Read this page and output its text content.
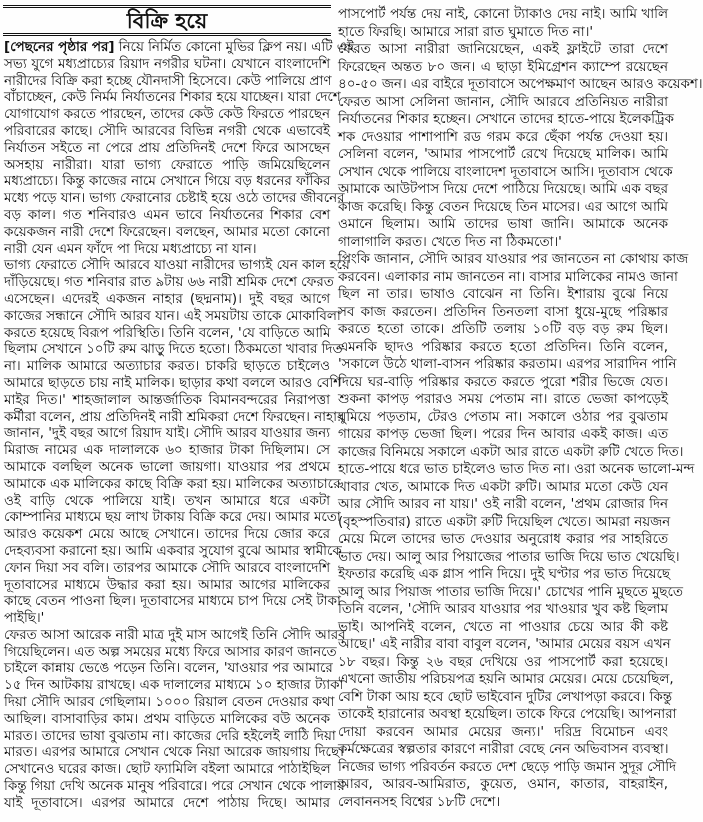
বিক্রি হয়ে
[পেছনের পৃষ্ঠার পর] নিয়ে নির্মিত কোনো মুভির ক্লিপ নয়। এটি এই
সভ্য যুগে মধ্যপ্রাচ্যের রিয়াদ নগরীর ঘটনা। যেখানে বাংলাদেশি
নারীদের বিক্রি করা হচ্ছে যৌনদাসী হিসেবে। কেউ পালিয়ে প্রাণ
বাঁচাচ্ছেন, কেউ নির্মম নির্যাতনের শিকার হয়ে যাচ্ছেন। যারা দেশে
যোগাযোগ করতে পারছেন, তাদের কেউ কেউ ফিরতে পারছেন
পরিবারের কাছে। সৌদি আরবের বিভিন্ন নগরী থেকে এভাবেই
নির্যাতন সইতে না পেরে প্রায় প্রতিদিনই দেশে ফিরে আসছেন
অসহায় নারীরা। যারা ভাগ্য ফেরাতে পাড়ি জমিয়েছিলেন
মধ্যপ্রাচ্যে। কিন্তু কাজের নামে সেখানে গিয়ে বড় ধরনের ফাঁকির
মধ্যে পড়ে যান। ভাগ্য ফেরানোর চেষ্টাই হয়ে ওঠে তাদের জীবনের
বড় কাল। গত শনিবারও এমন ভাবে নির্যাতনের শিকার বেশ
কয়েকজন নারী দেশে ফিরেছেন। বলছেন, আমার মতো কোনো
নারী যেন এমন ফাঁদে পা দিয়ে মধ্যপ্রাচ্যে না যান।
ভাগ্য ফেরাতে সৌদি আরবে যাওয়া নারীদের ভাগ্যই যেন কাল হয়ে
দাঁড়িয়েছে। গত শনিবার রাত ৯টায় ৬৬ নারী শ্রমিক দেশে ফেরত
এসেছেন। এদেরই একজন নাহার (ছদ্মনাম)। দুই বছর আগে
কাজের সন্ধানে সৌদি আরব যান। এই সময়টায় তাকে মোকাবিলা
করতে হয়েছে বিরূপ পরিস্থিতি। তিনি বলেন, 'যে বাড়িতে আমি
ছিলাম সেখানে ১০টি রুম ঝাড়ু দিতে হতো। ঠিকমতো খাবার দিত
না। মালিক আমারে অত্যাচার করত। চাকরি ছাড়তে চাইলেও
আমারে ছাড়তে চায় নাই মালিক। ছাড়ার কথা বললে আরও বেশি
মাইর দিত।' শাহজালাল আন্তর্জাতিক বিমানবন্দরের নিরাপত্তা
কর্মীরা বলেন, প্রায় প্রতিদিনই নারী শ্রমিকরা দেশে ফিরছেন। নাহার
জানান, 'দুই বছর আগে রিয়াদ যাই। সৌদি আরব যাওয়ার জন্য
মিরাজ নামের এক দালালকে ৬০ হাজার টাকা দিছিলাম। সে
আমাকে বলছিল অনেক ভালো জায়গা। যাওয়ার পর প্রথমে
আমাকে এক মালিকের কাছে বিক্রি করা হয়। মালিকের অত্যাচারে
ওই বাড়ি থেকে পালিয়ে যাই। তখন আমারে ধরে একটা
কোম্পানির মাধ্যমে ছয় লাখ টাকায় বিক্রি করে দেয়। আমার মতো
আরও কয়েকশ মেয়ে আছে সেখানে। তাদের দিয়ে জোর করে
দেহব্যবসা করানো হয়। আমি একবার সুযোগ বুঝে আমার স্বামীকে
ফোন দিয়া সব বলি। তারপর আমাকে সৌদি আরবে বাংলাদেশি
দূতাবাসের মাধ্যমে উদ্ধার করা হয়। আমার আগের মালিকের
কাছে বেতন পাওনা ছিল। দূতাবাসের মাধ্যমে চাপ দিয়ে সেই টাকা
পাইছি।'
ফেরত আসা আরেক নারী মাত্র দুই মাস আগেই তিনি সৌদি আরব
গিয়েছিলেন। এত অল্প সময়ের মধ্যে ফিরে আসার কারণ জানতে
চাইলে কান্নায় ভেঙে পড়েন তিনি। বলেন, 'যাওয়ার পর আমারে
১৫ দিন আটকায় রাখছে। এক দালালের মাধ্যমে ১০ হাজার ট্যাকা
দিয়া সৌদি আরব গেছিলাম। ১০০০ রিয়াল বেতন দেওয়ার কথা
আছিল। বাসাবাড়ির কাম। প্রথম বাড়িতে মালিকের বউ অনেক
মারত। তাদের ভাষা বুঝতাম না। কাজের দেরি হইলেই লাঠি দিয়া
মারত। এরপর আমারে সেখান থেকে নিয়া আরেক জায়গায় দিছে।
সেখানেও ঘরের কাজ। ছোট ফ্যামিলি বইলা আমারে পাঠাইছিল
কিন্তু গিয়া দেখি অনেক মানুষ পরিবারে। পরে সেখান থেকে পালায়
যাই দূতাবাসে। এরপর আমারে দেশে পাঠায় দিছে। আমার
পাসপোর্ট পর্যন্ত দেয় নাই, কোনো ট্যাকাও দেয় নাই। আমি খালি
হাতে ফিরছি। আমারে সারা রাত ঘুমাতে দিত না।'
ফেরত আসা নারীরা জানিয়েছেন, একই ফ্লাইটে তারা দেশে
ফিরেছেন অন্তত ৮০ জন। এ ছাড়া ইমিগ্রেশন ক্যাম্পে রয়েছেন
৪০-৫০ জন। এর বাইরে দূতাবাসে অপেক্ষমাণ আছেন আরও কয়েকশ।
ফেরত আসা সেলিনা জানান, সৌদি আরবে প্রতিনিয়ত নারীরা
নির্যাতনের শিকার হচ্ছেন। সেখানে তাদের হাতে-পায়ে ইলেকট্রিক
শক দেওয়ার পাশাপাশি রড গরম করে ছেঁকা পর্যন্ত দেওয়া হয়।
সেলিনা বলেন, 'আমার পাসপোর্ট রেখে দিয়েছে মালিক। আমি
সেখান থেকে পালিয়ে বাংলাদেশ দূতাবাসে আসি। দূতাবাস থেকে
আমাকে আউটপাস দিয়ে দেশে পাঠিয়ে দিয়েছে। আমি এক বছর
কাজ করেছি। কিন্তু বেতন দিয়েছে তিন মাসের। এর আগে আমি
ওমানে ছিলাম। আমি তাদের ভাষা জানি। আমাকে অনেক
গালাগালি করত। খেতে দিত না ঠিকমতো।'
পিংকি জানান, সৌদি আরব যাওয়ার পর জানতেন না কোথায় কাজ
করবেন। এলাকার নাম জানতেন না। বাসার মালিকের নামও জানা
ছিল না তার। ভাষাও বোঝেন না তিনি। ইশারায় বুঝে নিয়ে
সব কাজ করতেন। প্রতিদিন তিনতলা বাসা ধুয়ে-মুছে পরিষ্কার
করতে হতো তাকে। প্রতিটি তলায় ১০টি বড় বড় রুম ছিল।
এমনকি ছাদও পরিষ্কার করতে হতো প্রতিদিন। তিনি বলেন,
'সকালে উঠে থালা-বাসন পরিষ্কার করতাম। এরপর সারাদিন পানি
দিয়ে ঘর-বাড়ি পরিষ্কার করতে করতে পুরো শরীর ভিজে যেত।
শুকনা কাপড় পরারও সময় পেতাম না। রাতে ভেজা কাপড়েই
ঘুমিয়ে পড়তাম, টেরও পেতাম না। সকালে ওঠার পর বুঝতাম
গায়ের কাপড় ভেজা ছিল। পরের দিন আবার একই কাজ। এত
কাজের বিনিময়ে সকালে একটা আর রাতে একটা রুটি খেতে দিত।
হাতে-পায়ে ধরে ভাত চাইলেও ভাত দিত না। ওরা অনেক ভালো-মন্দ
খাবার খেত, আমাকে দিত একটা রুটি। আমার মতো কেউ যেন
আর সৌদি আরব না যায়।' ওই নারী বলেন, 'প্রথম রোজার দিন
(বৃহস্পতিবার) রাতে একটা রুটি দিয়েছিল খেতে। আমরা নয়জন
মেয়ে মিলে তাদের ভাত দেওয়ার অনুরোধ করার পর সাহরিতে
ভাত দেয়। আলু আর পিয়াজের পাতার ভাজি দিয়ে ভাত খেয়েছি।
ইফতার করেছি এক গ্লাস পানি দিয়ে। দুই ঘণ্টার পর ভাত দিয়েছে
আলু আর পিয়াজ পাতার ভাজি দিয়ে।' চোখের পানি মুছতে মুছতে
তিনি বলেন, 'সৌদি আরব যাওয়ার পর খাওয়ার খুব কষ্ট ছিলাম
ভাই। আপনিই বলেন, খেতে না পাওয়ার চেয়ে আর কী কষ্ট
আছে।' এই নারীর বাবা বাবুল বলেন, 'আমার মেয়ের বয়স এখন
১৮ বছর। কিন্তু ২৬ বছর দেখিয়ে ওর পাসপোর্ট করা হয়েছে।
এখনো জাতীয় পরিচয়পত্র হয়নি আমার মেয়ের। মেয়ে চেয়েছিল,
বেশি টাকা আয় হবে ছোট ভাইবোন দুটির লেখাপড়া করবে। কিন্তু
তাকেই হারানোর অবস্থা হয়েছিল। তাকে ফিরে পেয়েছি। আপনারা
দোয়া করবেন আমার মেয়ের জন্য।' দরিদ্র বিমোচন এবং
কর্মক্ষেত্রের স্বল্পতার কারণে নারীরা বেছে নেন অভিবাসন ব্যবস্থা।
নিজের ভাগ্য পরিবর্তন করতে দেশ ছেড়ে পাড়ি জমান সুদূর সৌদি
আরব, আরব-আমিরাত, কুয়েত, ওমান, কাতার, বাহরাইন,
লেবাননসহ বিশ্বের ১৮টি দেশে।
